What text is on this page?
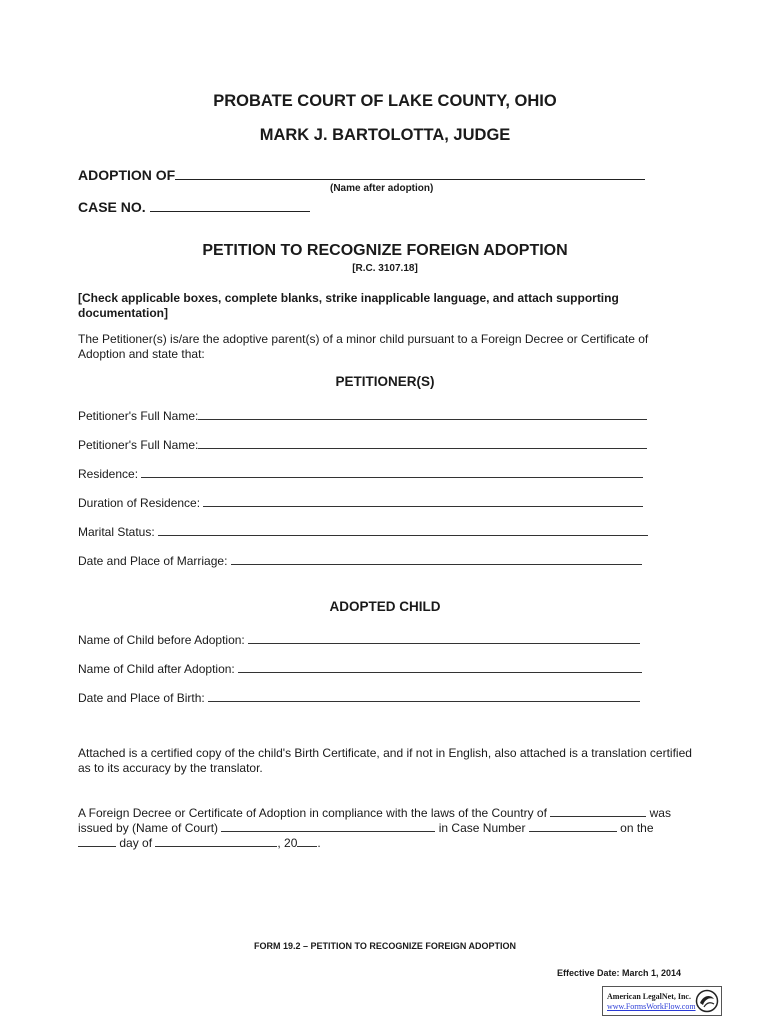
PROBATE COURT OF LAKE COUNTY, OHIO
MARK J. BARTOLOTTA, JUDGE
ADOPTION OF
(Name after adoption)
CASE NO.
PETITION TO RECOGNIZE FOREIGN ADOPTION
[R.C. 3107.18]
[Check applicable boxes, complete blanks, strike inapplicable language, and attach supporting documentation]
The Petitioner(s) is/are the adoptive parent(s) of a minor child pursuant to a Foreign Decree or Certificate of Adoption and state that:
PETITIONER(S)
Petitioner's Full Name:
Petitioner's Full Name:
Residence:
Duration of Residence:
Marital Status:
Date and Place of Marriage:
ADOPTED CHILD
Name of Child before Adoption:
Name of Child after Adoption:
Date and Place of Birth:
Attached is a certified copy of the child's Birth Certificate, and if not in English, also attached is a translation certified as to its accuracy by the translator.
A Foreign Decree or Certificate of Adoption in compliance with the laws of the Country of	was
issued by (Name of Court)	in Case Number	on the
day of	, 20 .
FORM 19.2 – PETITION TO RECOGNIZE FOREIGN ADOPTION
Effective Date: March 1, 2014
American LegalNet, Inc.
www.FormsWorkFlow.com
